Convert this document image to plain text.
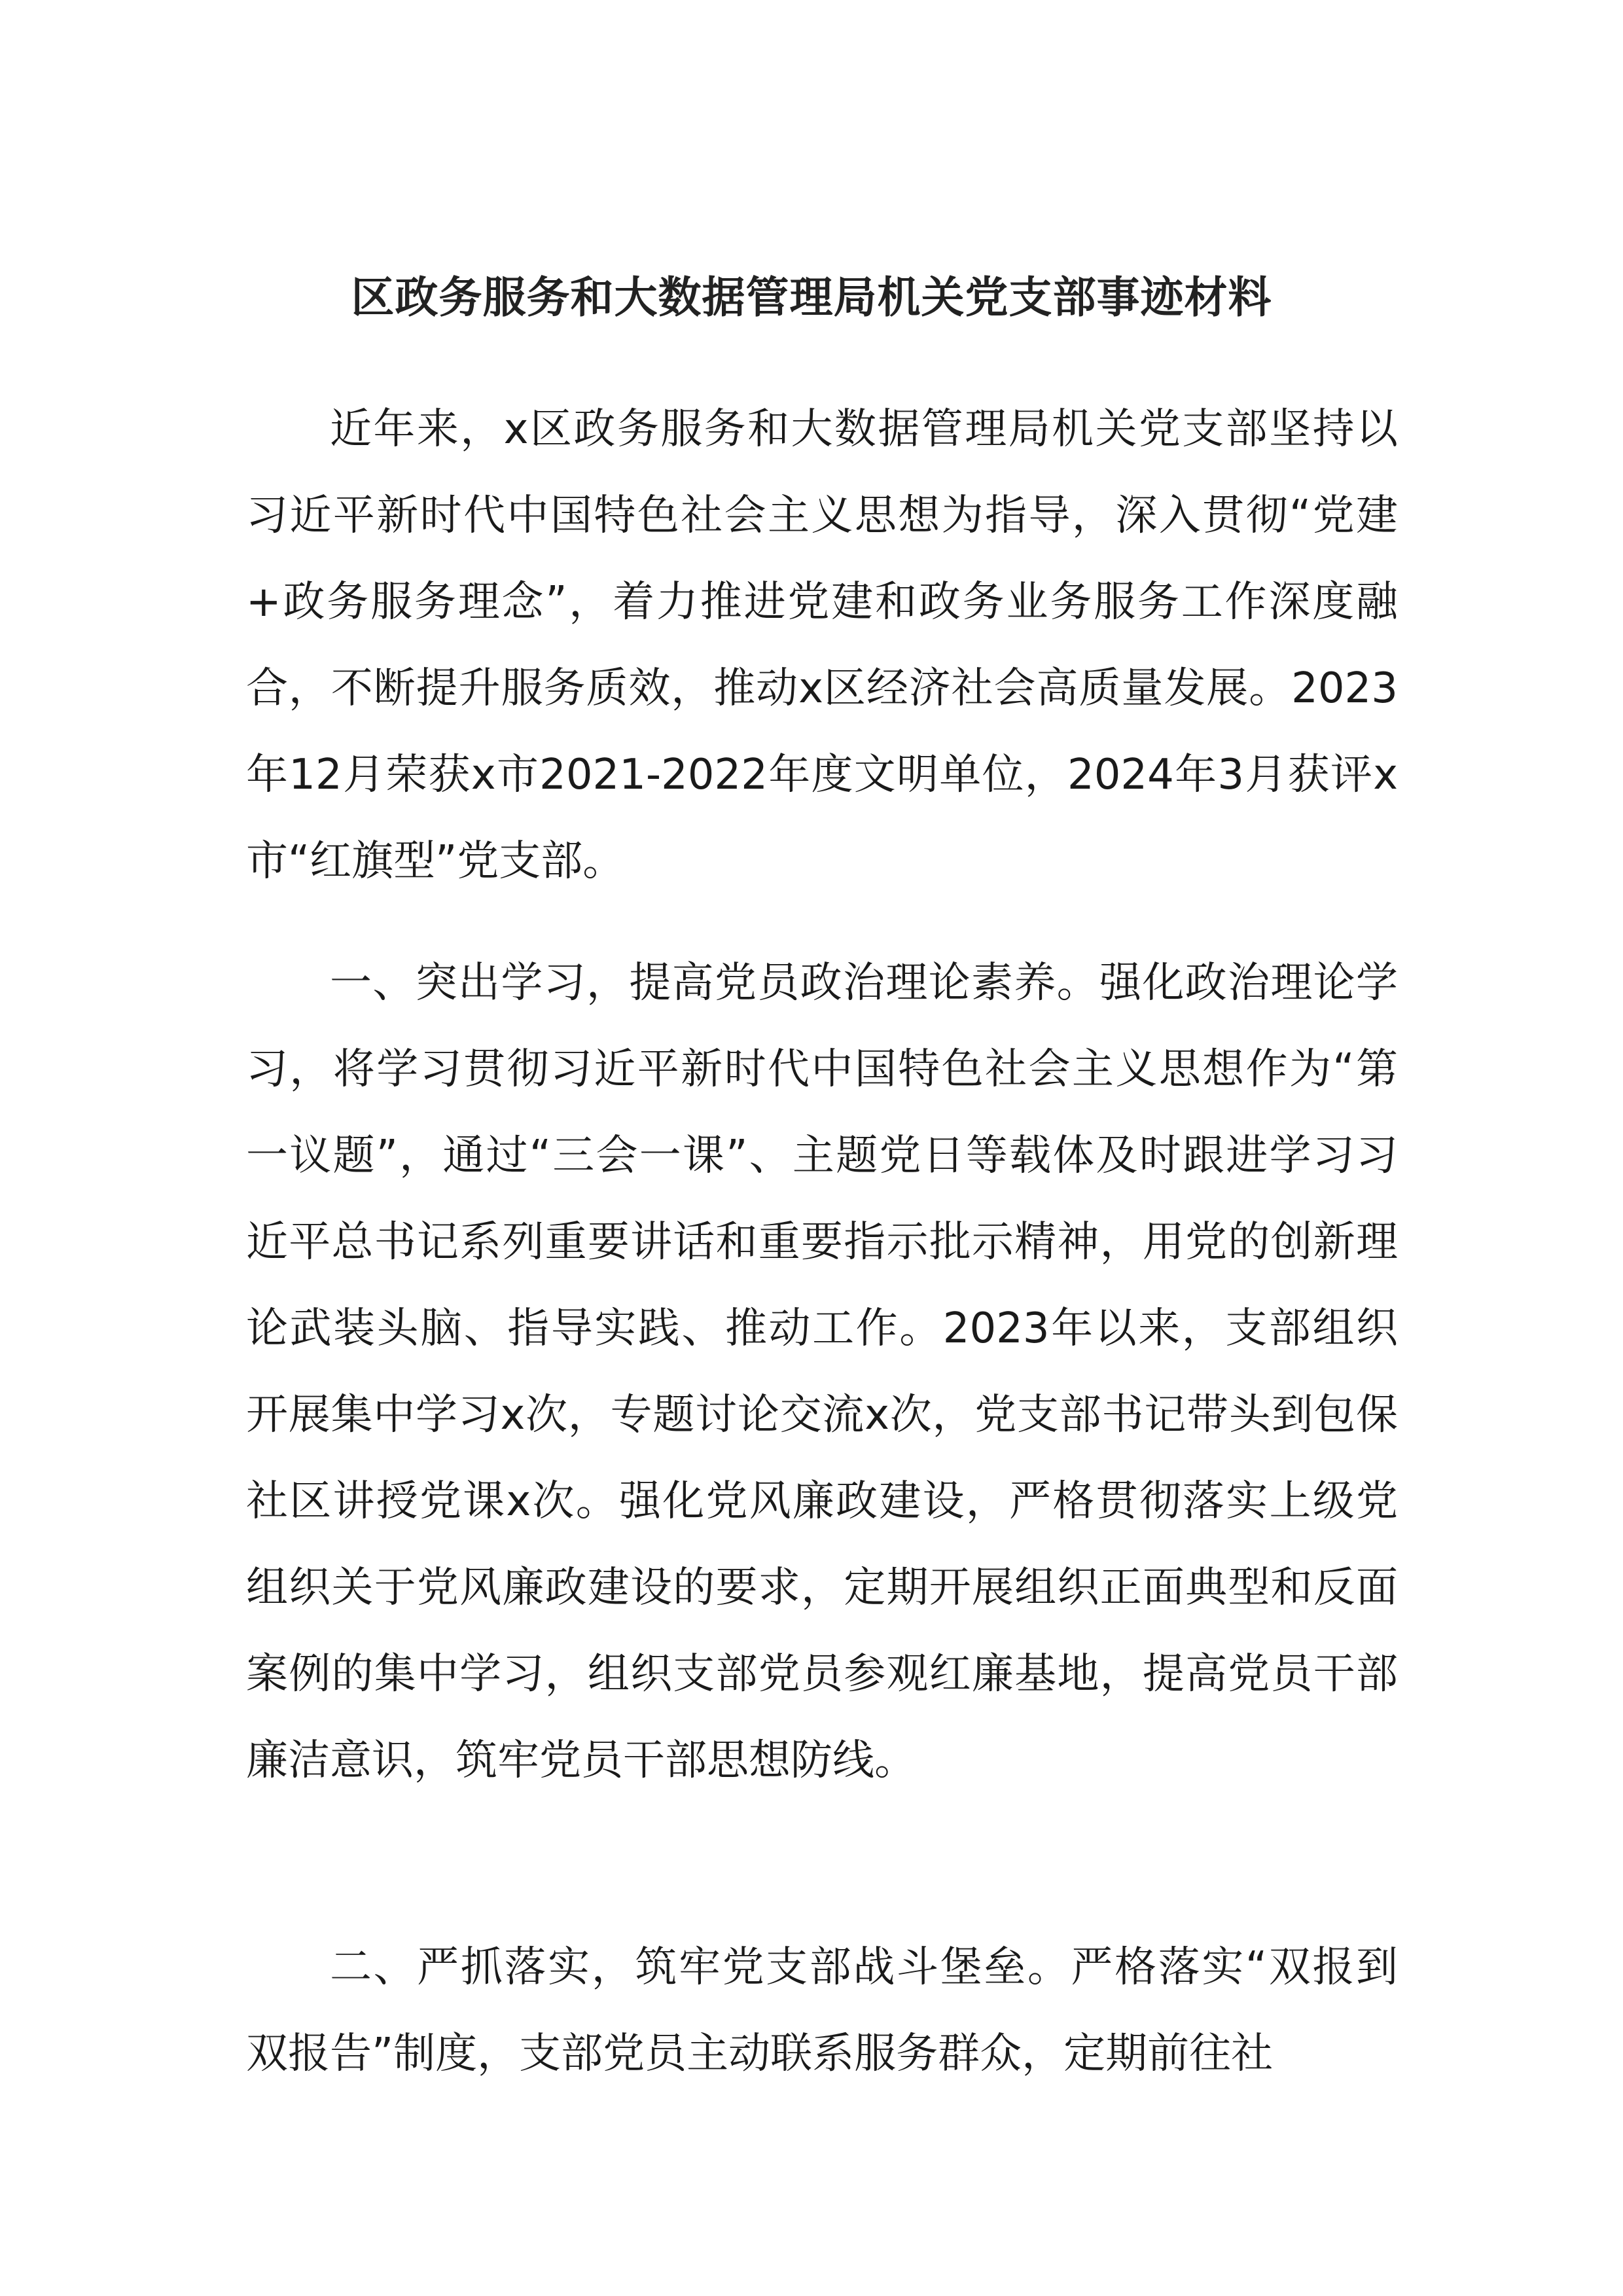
区政务服务和大数据管理局机关党支部事迹材料

近年来，x区政务服务和大数据管理局机关党支部坚持以习近平新时代中国特色社会主义思想为指导，深入贯彻“党建+政务服务理念”，着力推进党建和政务业务服务工作深度融合，不断提升服务质效，推动x区经济社会高质量发展。2023年12月荣获x市2021-2022年度文明单位，2024年3月获评x市“红旗型”党支部。

一、突出学习，提高党员政治理论素养。强化政治理论学习，将学习贯彻习近平新时代中国特色社会主义思想作为“第一议题”，通过“三会一课”、主题党日等载体及时跟进学习习近平总书记系列重要讲话和重要指示批示精神，用党的创新理论武装头脑、指导实践、推动工作。2023年以来，支部组织开展集中学习x次，专题讨论交流x次，党支部书记带头到包保社区讲授党课x次。强化党风廉政建设，严格贯彻落实上级党组织关于党风廉政建设的要求，定期开展组织正面典型和反面案例的集中学习，组织支部党员参观红廉基地，提高党员干部廉洁意识，筑牢党员干部思想防线。

二、严抓落实，筑牢党支部战斗堡垒。严格落实“双报到双报告”制度，支部党员主动联系服务群众，定期前往社
